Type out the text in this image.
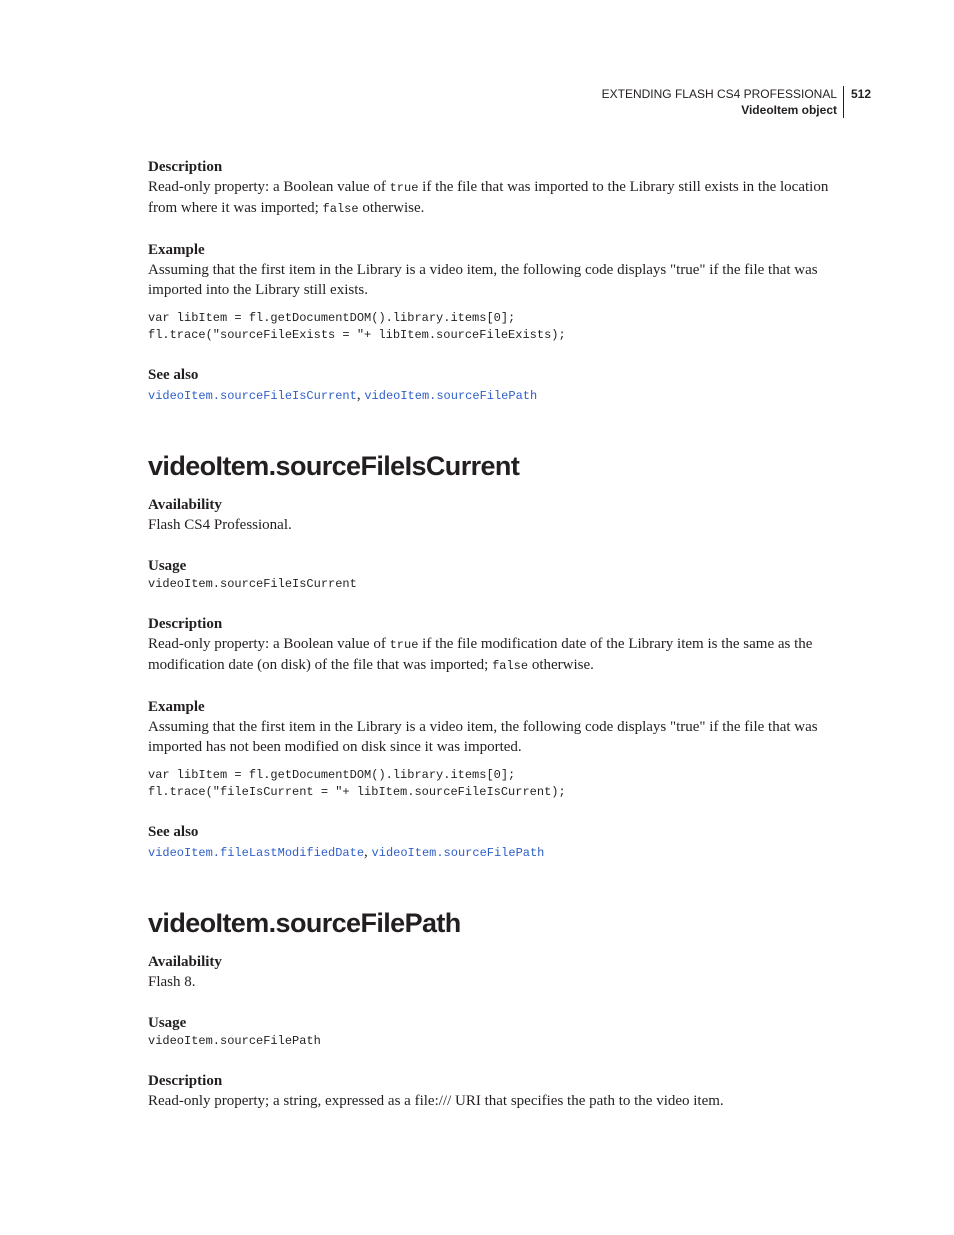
EXTENDING FLASH CS4 PROFESSIONAL
VideoItem object
512

Description

Read-only property: a Boolean value of true if the file that was imported to the Library still exists in the location from where it was imported; false otherwise.

Example

Assuming that the first item in the Library is a video item, the following code displays "true" if the file that was imported into the Library still exists.

var libItem = fl.getDocumentDOM().library.items[0];

fl.trace("sourceFileExists = "+ libItem.sourceFileExists);

See also

videoItem.sourceFileIsCurrent, videoItem.sourceFilePath

videoItem.sourceFileIsCurrent

Availability

Flash CS4 Professional.

Usage

videoItem.sourceFileIsCurrent

Description

Read-only property: a Boolean value of true if the file modification date of the Library item is the same as the modification date (on disk) of the file that was imported; false otherwise.

Example

Assuming that the first item in the Library is a video item, the following code displays "true" if the file that was imported has not been modified on disk since it was imported.

var libItem = fl.getDocumentDOM().library.items[0];

fl.trace("fileIsCurrent = "+ libItem.sourceFileIsCurrent);

See also

videoItem.fileLastModifiedDate, videoItem.sourceFilePath

videoItem.sourceFilePath

Availability

Flash 8.

Usage

videoItem.sourceFilePath

Description

Read-only property; a string, expressed as a file:/// URI that specifies the path to the video item.
